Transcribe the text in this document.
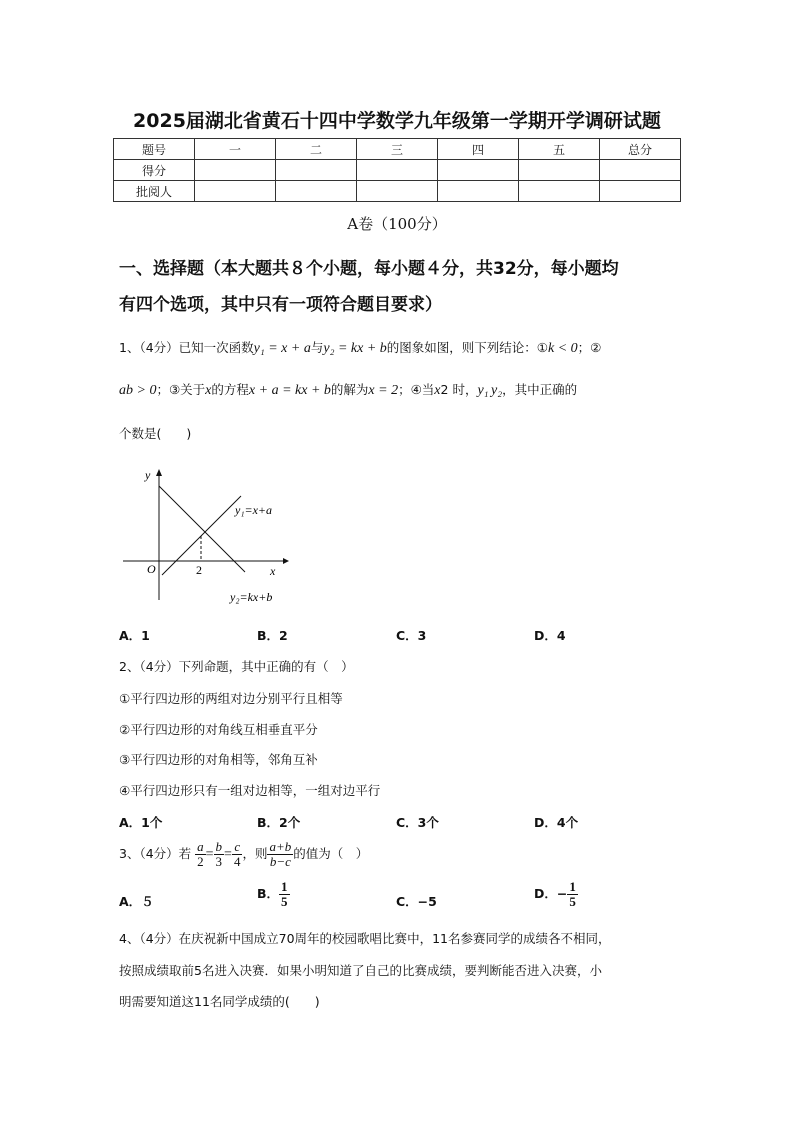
2025届湖北省黄石十四中学数学九年级第一学期开学调研试题
题号	一	二	三	四	五	总分
得分						
批阅人						
A卷（100分）
一、选择题（本大题共８个小题，每小题４分，共32分，每小题均
有四个选项，其中只有一项符合题目要求）
1、（4分）已知一次函数y₁ = x + a与y₂ = kx + b的图象如图，则下列结论：①k < 0；②
ab > 0；③关于x的方程x + a = kx + b的解为x = 2；④当x2 时，y₁  y₂，其中正确的
个数是(　　)
y
x
O	2
y₁=x+a
y₂=kx+b
A．1	B．2	C．3	D．4
2、（4分）下列命题，其中正确的有（　）
①平行四边形的两组对边分别平行且相等
②平行四边形的对角线互相垂直平分
③平行四边形的对角相等，邻角互补
④平行四边形只有一组对边相等，一组对边平行
A．1个	B．2个	C．3个	D．4个
3、（4分）若 $\frac{a}{2} = \frac{b}{3} = \frac{c}{4}$ ，则 $\frac{a+b}{b-c}$ 的值为（　）
A．５
B． $\frac{1}{5}$	C．−5
D．− $\frac{1}{5}$
4、（4分）在庆祝新中国成立70周年的校园歌唱比赛中，11名参赛同学的成绩各不相同，
按照成绩取前5名进入决赛．如果小明知道了自己的比赛成绩，要判断能否进入决赛，小
明需要知道这11名同学成绩的(　　)
